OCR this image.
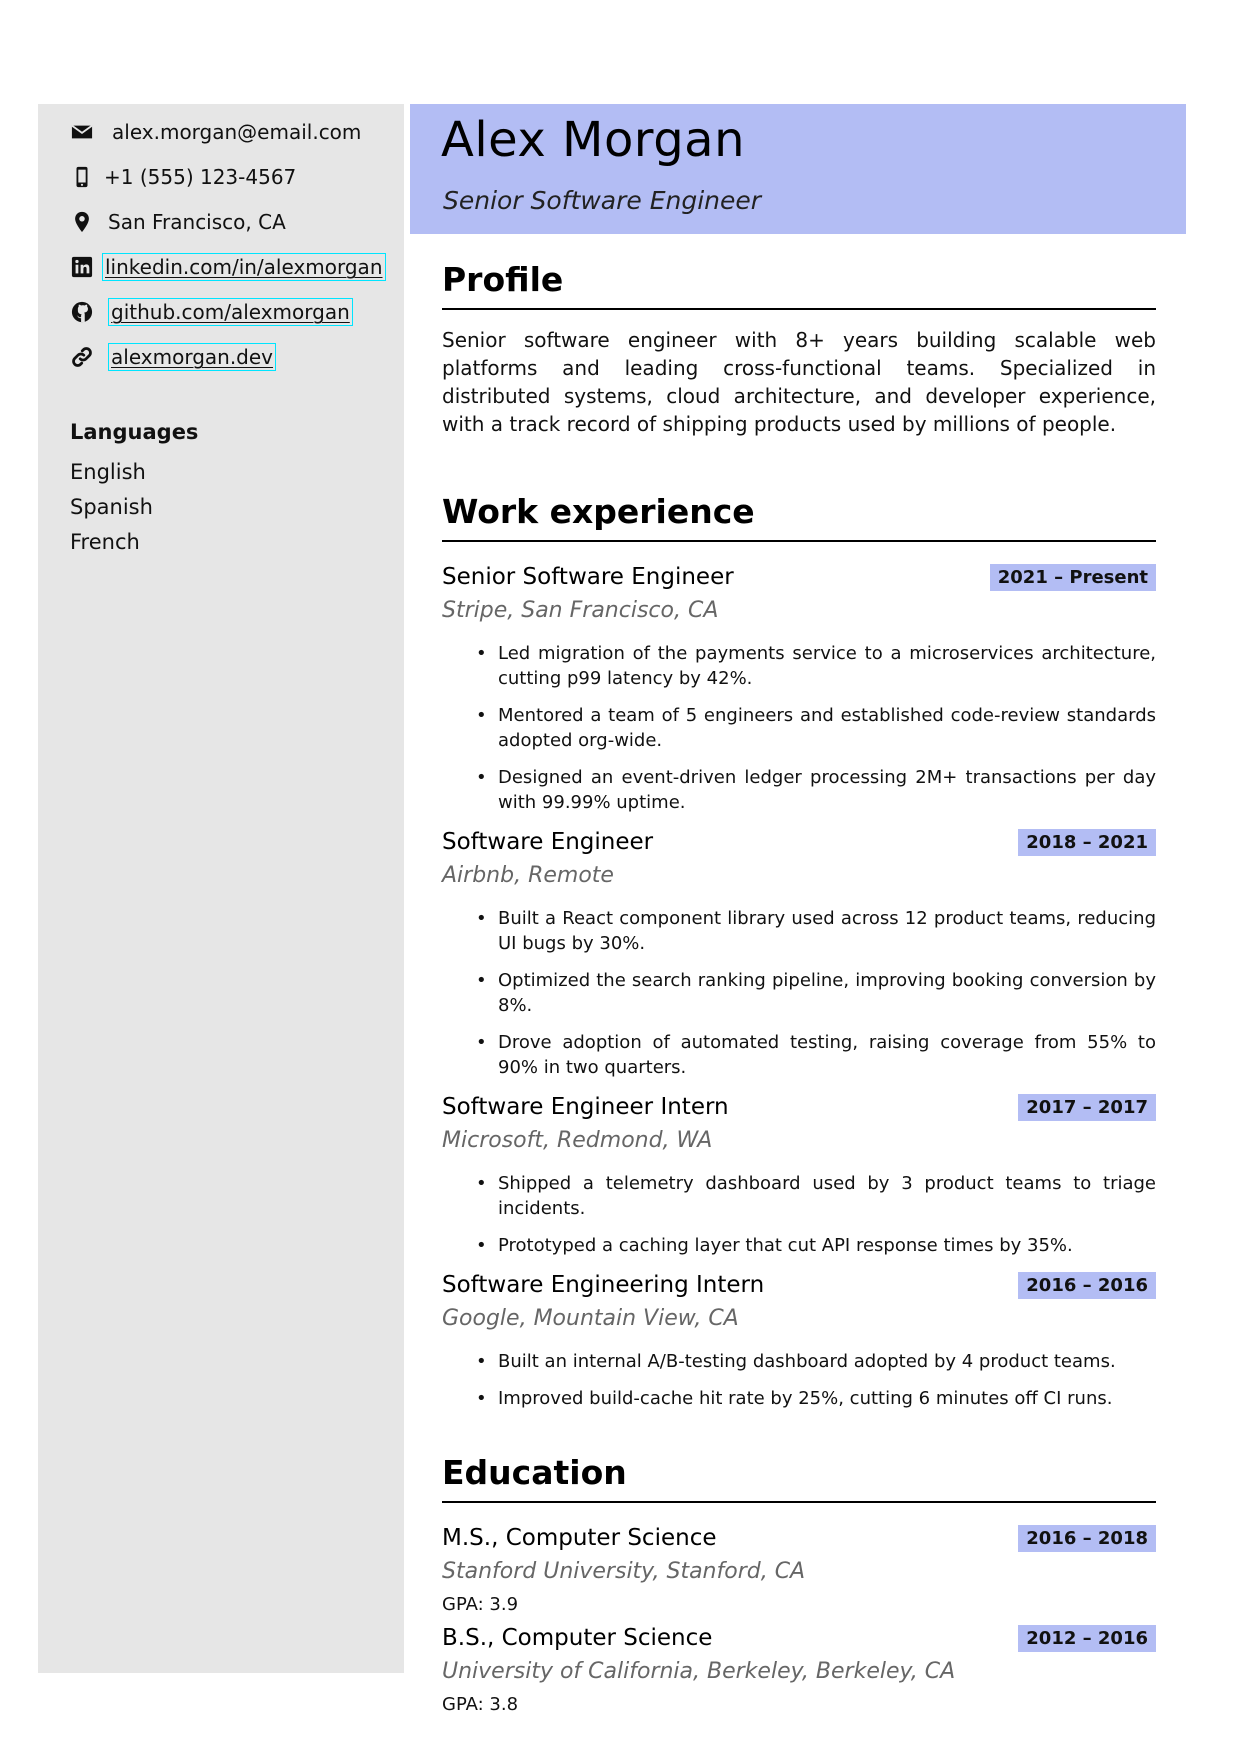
alex.morgan@email.com
+1 (555) 123-4567
San Francisco, CA
linkedin.com/in/alexmorgan
github.com/alexmorgan
alexmorgan.dev
Languages
English
Spanish
French
Alex Morgan
Senior Software Engineer
Profile

Senior software engineer with 8+ years building scalable web platforms and leading cross-functional teams. Specialized in distributed systems, cloud architecture, and developer experience, with a track record of shipping products used by millions of people.

Work experience
Senior Software Engineer	2021 – Present
Stripe, San Francisco, CA
• Led migration of the payments service to a microservices architecture, cutting p99 latency by 42%.
• Mentored a team of 5 engineers and established code-review standards adopted org-wide.
• Designed an event-driven ledger processing 2M+ transactions per day with 99.99% uptime.
Software Engineer	2018 – 2021
Airbnb, Remote
• Built a React component library used across 12 product teams, reducing UI bugs by 30%.
• Optimized the search ranking pipeline, improving booking conversion by 8%.
• Drove adoption of automated testing, raising coverage from 55% to 90% in two quarters.
Software Engineer Intern	2017 – 2017
Microsoft, Redmond, WA
• Shipped a telemetry dashboard used by 3 product teams to triage incidents.
• Prototyped a caching layer that cut API response times by 35%.
Software Engineering Intern	2016 – 2016
Google, Mountain View, CA
• Built an internal A/B-testing dashboard adopted by 4 product teams.
• Improved build-cache hit rate by 25%, cutting 6 minutes off CI runs.
Education
M.S., Computer Science	2016 – 2018
Stanford University, Stanford, CA
GPA: 3.9
B.S., Computer Science	2012 – 2016
University of California, Berkeley, Berkeley, CA
GPA: 3.8
